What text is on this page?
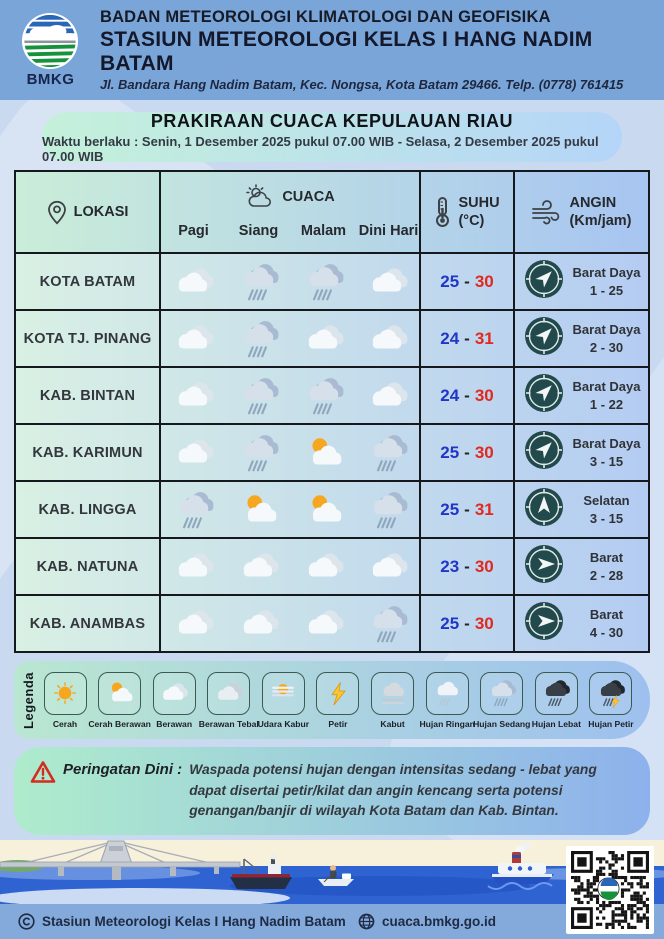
BMKG
BADAN METEOROLOGI KLIMATOLOGI DAN GEOFISIKA
STASIUN METEOROLOGI KELAS I HANG NADIM BATAM
Jl. Bandara Hang Nadim Batam, Kec. Nongsa, Kota Batam 29466. Telp. (0778) 761415
PRAKIRAAN CUACA KEPULAUAN RIAU
Waktu berlaku : Senin, 1 Desember 2025 pukul 07.00 WIB - Selasa, 2 Desember 2025 pukul 07.00 WIB
LOKASI
CUACA
Pagi	Siang	Malam Dini Hari
SUHU
(°C)
ANGIN
(Km/jam)
KOTA BATAM	25 - 30	Barat Daya
1 - 25
KOTA TJ. PINANG	24 - 31	Barat Daya
2 - 30
KAB. BINTAN	24 - 30	Barat Daya
1 - 22
KAB. KARIMUN	25 - 30	Barat Daya
3 - 15
KAB. LINGGA	25 - 31	Selatan
3 - 15
KAB. NATUNA	23 - 30	Barat
2 - 28
KAB. ANAMBAS	25 - 30	Barat
4 - 30
Legenda Cerah Cerah Berawan Berawan Berawan Tebal
Udara Kabur Petir	Kabut Hujan Ringan
Hujan Sedang Hujan Lebat Hujan Petir
Peringatan Dini : Waspada potensi hujan dengan intensitas sedang - lebat yang dapat disertai petir/kilat dan angin kencang serta potensi genangan/banjir di wilayah Kota Batam dan Kab. Bintan.
Stasiun Meteorologi Kelas I Hang Nadim Batam	cuaca.bmkg.go.id
